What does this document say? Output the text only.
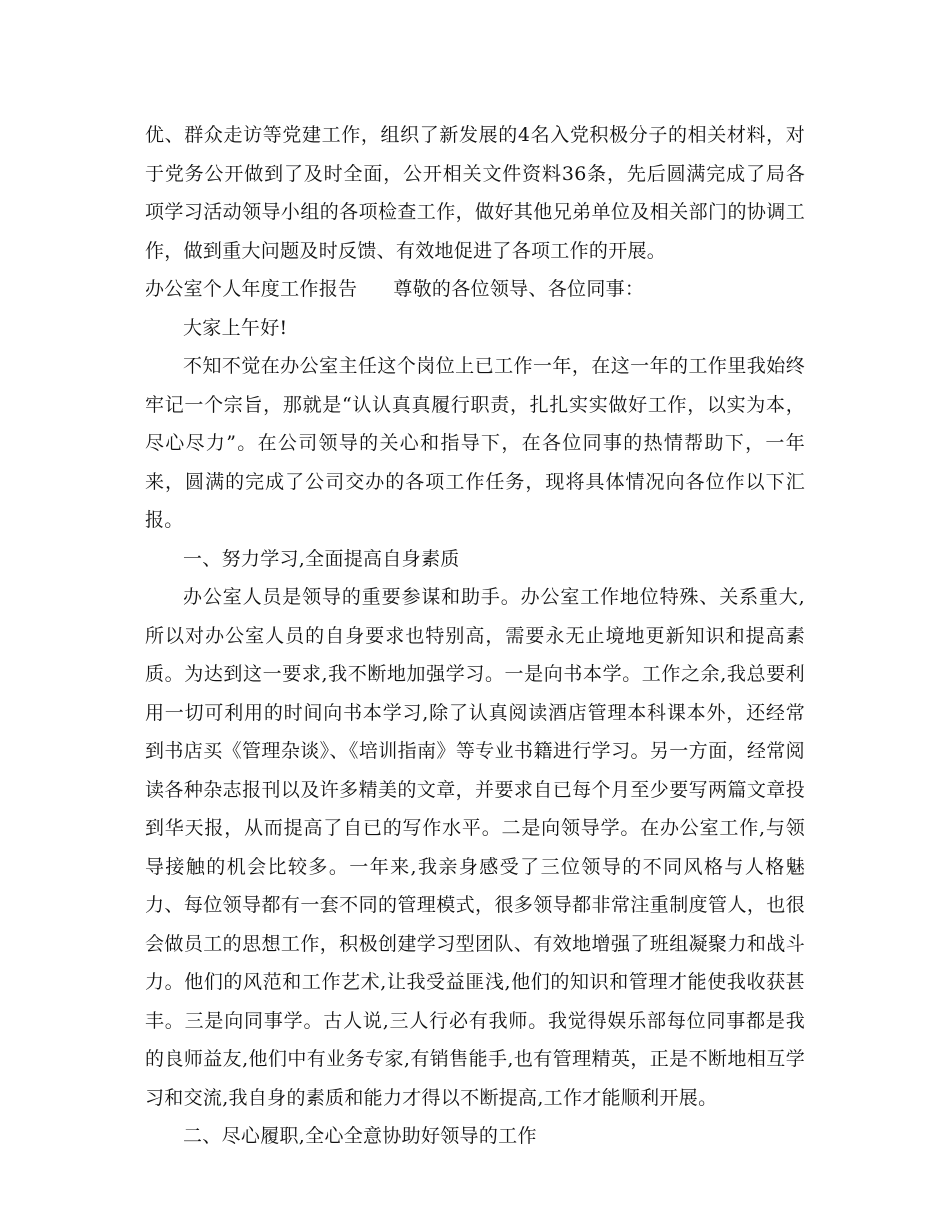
优、群众走访等党建工作，组织了新发展的4名入党积极分子的相关材料，对于党务公开做到了及时全面，公开相关文件资料36条，先后圆满完成了局各项学习活动领导小组的各项检查工作，做好其他兄弟单位及相关部门的协调工作，做到重大问题及时反馈、有效地促进了各项工作的开展。

办公室个人年度工作报告 尊敬的各位领导、各位同事：

大家上午好!

不知不觉在办公室主任这个岗位上已工作一年，在这一年的工作里我始终牢记一个宗旨，那就是“认认真真履行职责，扎扎实实做好工作，以实为本，尽心尽力”。在公司领导的关心和指导下，在各位同事的热情帮助下，一年来，圆满的完成了公司交办的各项工作任务，现将具体情况向各位作以下汇报。

一、努力学习,全面提高自身素质

办公室人员是领导的重要参谋和助手。办公室工作地位特殊、关系重大,所以对办公室人员的自身要求也特别高，需要永无止境地更新知识和提高素质。为达到这一要求,我不断地加强学习。一是向书本学。工作之余,我总要利用一切可利用的时间向书本学习,除了认真阅读酒店管理本科课本外，还经常到书店买《管理杂谈》、《培训指南》等专业书籍进行学习。另一方面，经常阅读各种杂志报刊以及许多精美的文章，并要求自已每个月至少要写两篇文章投到华天报，从而提高了自已的写作水平。二是向领导学。在办公室工作,与领导接触的机会比较多。一年来,我亲身感受了三位领导的不同风格与人格魅力、每位领导都有一套不同的管理模式，很多领导都非常注重制度管人，也很会做员工的思想工作，积极创建学习型团队、有效地增强了班组凝聚力和战斗力。他们的风范和工作艺术,让我受益匪浅,他们的知识和管理才能使我收获甚丰。三是向同事学。古人说,三人行必有我师。我觉得娱乐部每位同事都是我的良师益友,他们中有业务专家,有销售能手,也有管理精英，正是不断地相互学习和交流,我自身的素质和能力才得以不断提高,工作才能顺利开展。

二、尽心履职,全心全意协助好领导的工作
